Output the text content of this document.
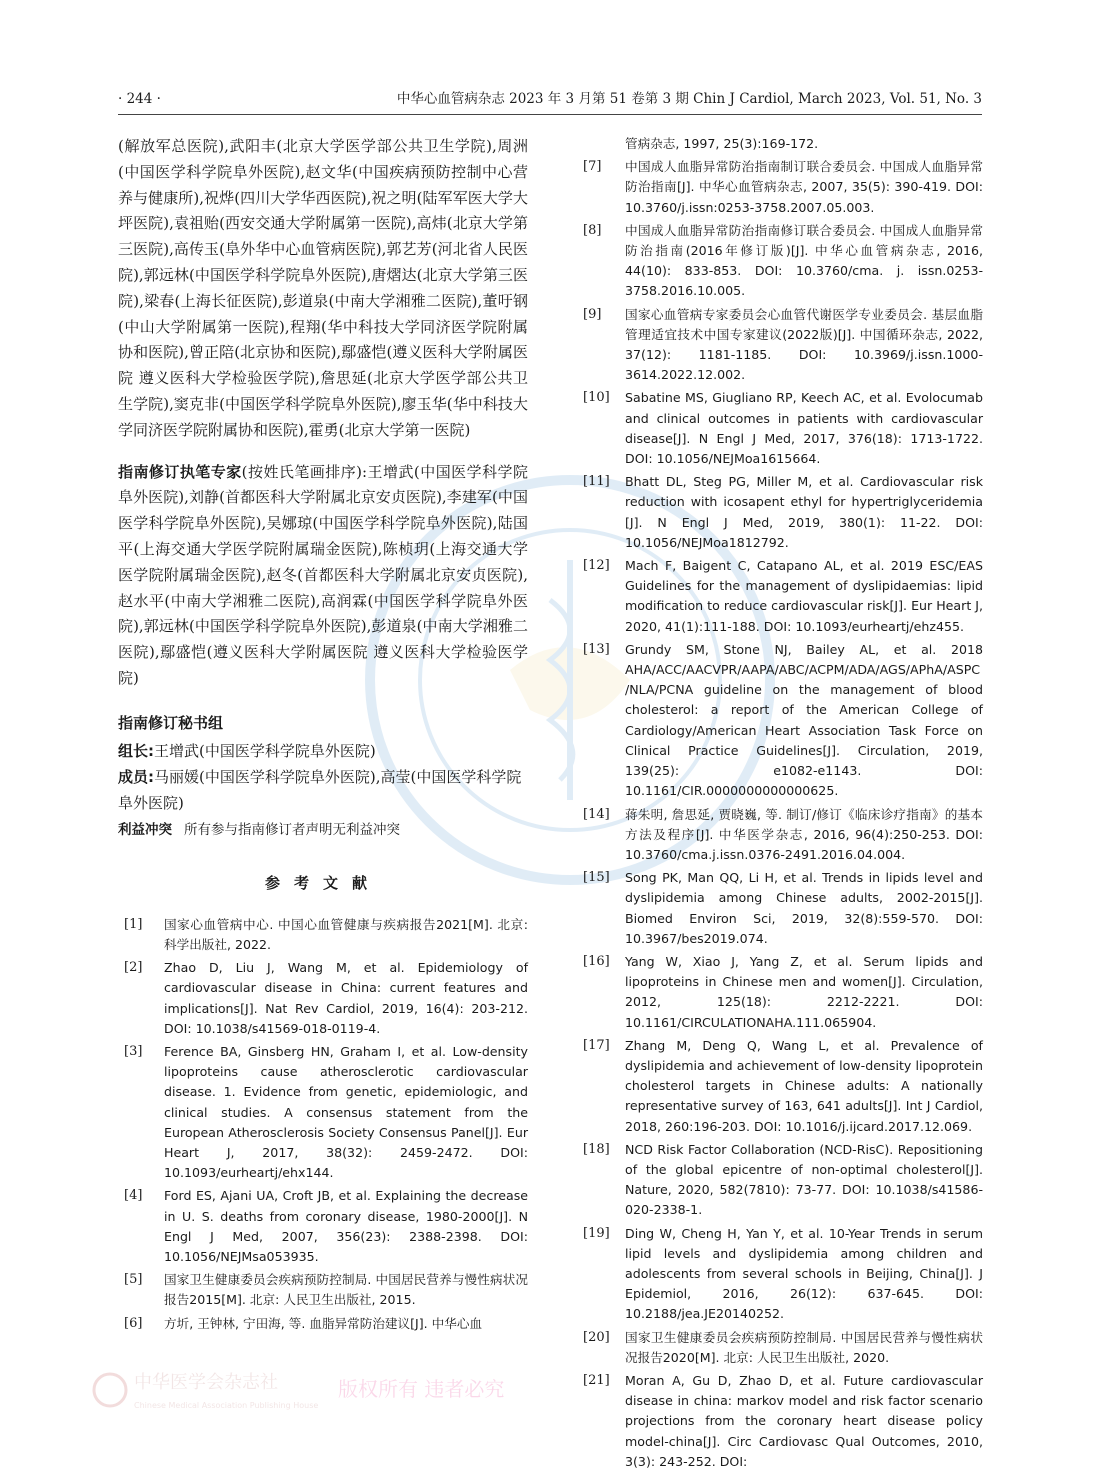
· 244 ·	中华心血管病杂志 2023 年 3 月第 51 卷第 3 期 Chin J Cardiol, March 2023, Vol. 51, No. 3

(解放军总医院),武阳丰(北京大学医学部公共卫生学院),周洲(中国医学科学院阜外医院),赵文华(中国疾病预防控制中心营养与健康所),祝烨(四川大学华西医院),祝之明(陆军军医大学大坪医院),袁祖贻(西安交通大学附属第一医院),高炜(北京大学第三医院),高传玉(阜外华中心血管病医院),郭艺芳(河北省人民医院),郭远林(中国医学科学院阜外医院),唐熠达(北京大学第三医院),梁春(上海长征医院),彭道泉(中南大学湘雅二医院),董吁钢(中山大学附属第一医院),程翔(华中科技大学同济医学院附属协和医院),曾正陪(北京协和医院),鄢盛恺(遵义医科大学附属医院 遵义医科大学检验医学院),詹思延(北京大学医学部公共卫生学院),窦克非(中国医学科学院阜外医院),廖玉华(华中科技大学同济医学院附属协和医院),霍勇(北京大学第一医院)

指南修订执笔专家(按姓氏笔画排序):王增武(中国医学科学院阜外医院),刘静(首都医科大学附属北京安贞医院),李建军(中国医学科学院阜外医院),吴娜琼(中国医学科学院阜外医院),陆国平(上海交通大学医学院附属瑞金医院),陈桢玥(上海交通大学医学院附属瑞金医院),赵冬(首都医科大学附属北京安贞医院),赵水平(中南大学湘雅二医院),高润霖(中国医学科学院阜外医院),郭远林(中国医学科学院阜外医院),彭道泉(中南大学湘雅二医院),鄢盛恺(遵义医科大学附属医院 遵义医科大学检验医学院)

指南修订秘书组

组长:王增武(中国医学科学院阜外医院)

成员:马丽媛(中国医学科学院阜外医院),高莹(中国医学科学院阜外医院)

利益冲突 所有参与指南修订者声明无利益冲突

参考文献
[1]	国家心血管病中心. 中国心血管健康与疾病报告2021[M]. 北京: 科学出版社, 2022.
[2]	Zhao D, Liu J, Wang M, et al. Epidemiology of cardiovascular disease in China: current features and implications[J]. Nat Rev Cardiol, 2019, 16(4): 203-212. DOI: 10.1038/s41569-018-0119-4.
[3]	Ference BA, Ginsberg HN, Graham I, et al. Low-density lipoproteins cause atherosclerotic cardiovascular disease. 1. Evidence from genetic, epidemiologic, and clinical studies. A consensus statement from the European Atherosclerosis Society Consensus Panel[J]. Eur Heart J, 2017, 38(32): 2459-2472. DOI: 10.1093/eurheartj/ehx144.
[4]	Ford ES, Ajani UA, Croft JB, et al. Explaining the decrease in U. S. deaths from coronary disease, 1980-2000[J]. N Engl J Med, 2007, 356(23): 2388-2398. DOI: 10.1056/NEJMsa053935.
[5]	国家卫生健康委员会疾病预防控制局. 中国居民营养与慢性病状况报告2015[M]. 北京: 人民卫生出版社, 2015.
[6]	方圻, 王钟林, 宁田海, 等. 血脂异常防治建议[J]. 中华心血
管病杂志, 1997, 25(3):169-172.
[7]	中国成人血脂异常防治指南制订联合委员会. 中国成人血脂异常防治指南[J]. 中华心血管病杂志, 2007, 35(5): 390-419. DOI: 10.3760/j.issn:0253-3758.2007.05.003.
[8]	中国成人血脂异常防治指南修订联合委员会. 中国成人血脂异常防治指南(2016年修订版)[J]. 中华心血管病杂志, 2016, 44(10): 833-853. DOI: 10.3760/cma. j. issn.0253-3758.2016.10.005.
[9]	国家心血管病专家委员会心血管代谢医学专业委员会. 基层血脂管理适宜技术中国专家建议(2022版)[J]. 中国循环杂志, 2022, 37(12): 1181-1185. DOI: 10.3969/j.issn.1000-3614.2022.12.002.
[10]	Sabatine MS, Giugliano RP, Keech AC, et al. Evolocumab and clinical outcomes in patients with cardiovascular disease[J]. N Engl J Med, 2017, 376(18): 1713-1722. DOI: 10.1056/NEJMoa1615664.
[11]	Bhatt DL, Steg PG, Miller M, et al. Cardiovascular risk reduction with icosapent ethyl for hypertriglyceridemia [J]. N Engl J Med, 2019, 380(1): 11-22. DOI: 10.1056/NEJMoa1812792.
[12]	Mach F, Baigent C, Catapano AL, et al. 2019 ESC/EAS Guidelines for the management of dyslipidaemias: lipid modification to reduce cardiovascular risk[J]. Eur Heart J, 2020, 41(1):111-188. DOI: 10.1093/eurheartj/ehz455.
[13]	Grundy SM, Stone NJ, Bailey AL, et al. 2018 AHA/ACC/AACVPR/AAPA/ABC/ACPM/ADA/AGS/APhA/ASPC/NLA/PCNA guideline on the management of blood cholesterol: a report of the American College of Cardiology/American Heart Association Task Force on Clinical Practice Guidelines[J]. Circulation, 2019, 139(25): e1082-e1143. DOI: 10.1161/CIR.0000000000000625.
[14]	蒋朱明, 詹思延, 贾晓巍, 等. 制订/修订《临床诊疗指南》的基本方法及程序[J]. 中华医学杂志, 2016, 96(4):250-253. DOI: 10.3760/cma.j.issn.0376-2491.2016.04.004.
[15]	Song PK, Man QQ, Li H, et al. Trends in lipids level and dyslipidemia among Chinese adults, 2002-2015[J]. Biomed Environ Sci, 2019, 32(8):559-570. DOI: 10.3967/bes2019.074.
[16]	Yang W, Xiao J, Yang Z, et al. Serum lipids and lipoproteins in Chinese men and women[J]. Circulation, 2012, 125(18): 2212-2221. DOI: 10.1161/CIRCULATIONAHA.111.065904.
[17]	Zhang M, Deng Q, Wang L, et al. Prevalence of dyslipidemia and achievement of low-density lipoprotein cholesterol targets in Chinese adults: A nationally representative survey of 163, 641 adults[J]. Int J Cardiol, 2018, 260:196-203. DOI: 10.1016/j.ijcard.2017.12.069.
[18]	NCD Risk Factor Collaboration (NCD-RisC). Repositioning of the global epicentre of non-optimal cholesterol[J]. Nature, 2020, 582(7810): 73-77. DOI: 10.1038/s41586-020-2338-1.
[19]	Ding W, Cheng H, Yan Y, et al. 10-Year Trends in serum lipid levels and dyslipidemia among children and adolescents from several schools in Beijing, China[J]. J Epidemiol, 2016, 26(12): 637-645. DOI: 10.2188/jea.JE20140252.
[20]	国家卫生健康委员会疾病预防控制局. 中国居民营养与慢性病状况报告2020[M]. 北京: 人民卫生出版社, 2020.
[21]	Moran A, Gu D, Zhao D, et al. Future cardiovascular disease in china: markov model and risk factor scenario projections from the coronary heart disease policy model-china[J]. Circ Cardiovasc Qual Outcomes, 2010, 3(3): 243-252. DOI:
中华医学会杂志社
Chinese Medical Association Publishing House
版权所有 违者必究
